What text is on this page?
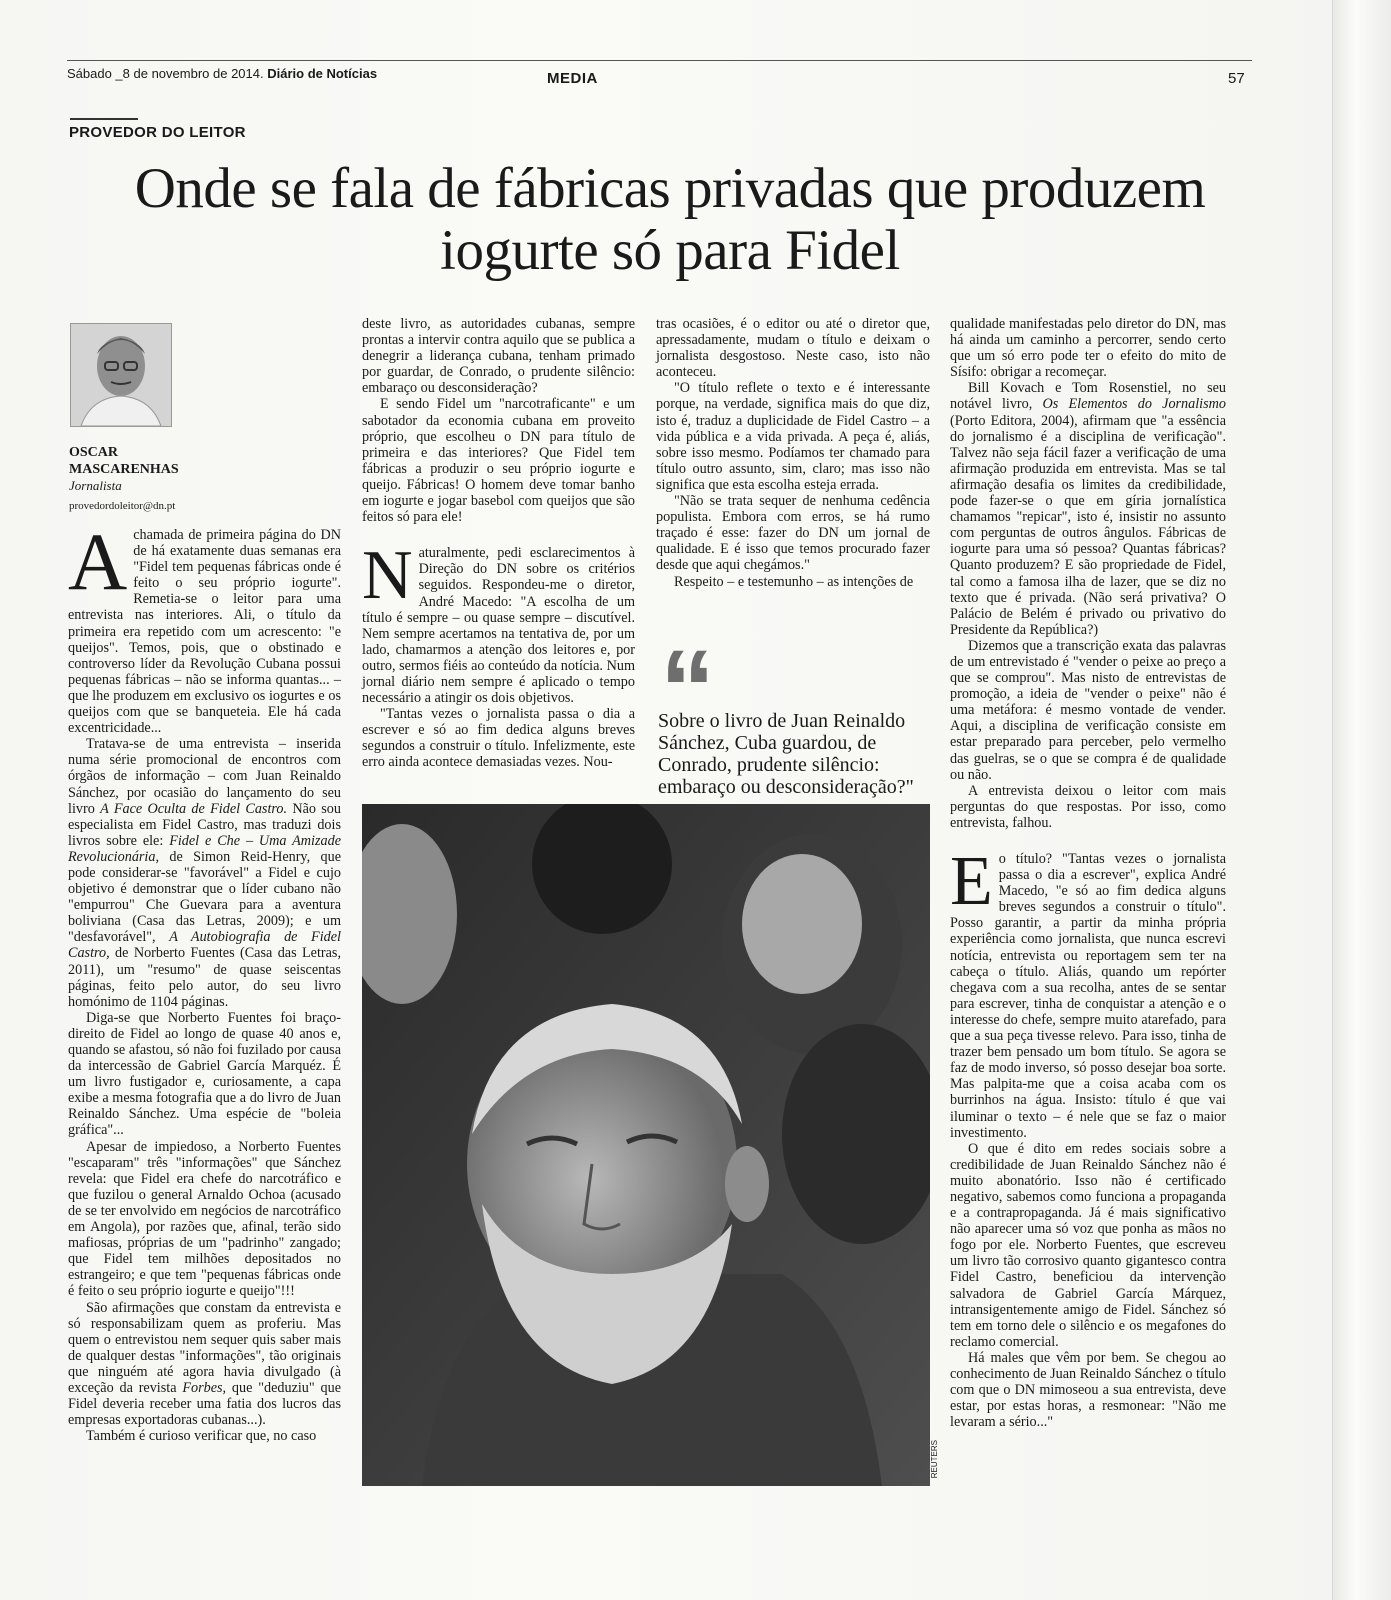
Sábado _8 de novembro de 2014. Diário de Notícias	MEDIA	57
PROVEDOR DO LEITOR
Onde se fala de fábricas privadas que produzem iogurte só para Fidel
OSCAR MASCARENHAS
Jornalista
provedordoleitor@dn.pt

Achamada de primeira página do DN de há exatamente duas semanas era "Fidel tem pequenas fábricas onde é feito o seu próprio iogurte". Remetia-se o leitor para uma entrevista nas interiores. Ali, o título da primeira era repetido com um acrescento: "e queijos". Temos, pois, que o obstinado e controverso líder da Revolução Cubana possui pequenas fábricas – não se informa quantas... – que lhe produzem em exclusivo os iogurtes e os queijos com que se banqueteia. Ele há cada excentricidade...

Tratava-se de uma entrevista – inserida numa série promocional de encontros com órgãos de informação – com Juan Reinaldo Sánchez, por ocasião do lançamento do seu livro A Face Oculta de Fidel Castro. Não sou especialista em Fidel Castro, mas traduzi dois livros sobre ele: Fidel e Che – Uma Amizade Revolucionária, de Simon Reid-Henry, que pode considerar-se "favorável" a Fidel e cujo objetivo é demonstrar que o líder cubano não "empurrou" Che Guevara para a aventura boliviana (Casa das Letras, 2009); e um "desfavorável", A Autobiografia de Fidel Castro, de Norberto Fuentes (Casa das Letras, 2011), um "resumo" de quase seiscentas páginas, feito pelo autor, do seu livro homónimo de 1104 páginas.

Diga-se que Norberto Fuentes foi braço-direito de Fidel ao longo de quase 40 anos e, quando se afastou, só não foi fuzilado por causa da intercessão de Gabriel García Marquéz. É um livro fustigador e, curiosamente, a capa exibe a mesma fotografia que a do livro de Juan Reinaldo Sánchez. Uma espécie de "boleia gráfica"...

Apesar de impiedoso, a Norberto Fuentes "escaparam" três "informações" que Sánchez revela: que Fidel era chefe do narcotráfico e que fuzilou o general Arnaldo Ochoa (acusado de se ter envolvido em negócios de narcotráfico em Angola), por razões que, afinal, terão sido mafiosas, próprias de um "padrinho" zangado; que Fidel tem milhões depositados no estrangeiro; e que tem "pequenas fábricas onde é feito o seu próprio iogurte e queijo"!!!

São afirmações que constam da entrevista e só responsabilizam quem as proferiu. Mas quem o entrevistou nem sequer quis saber mais de qualquer destas "informações", tão originais que ninguém até agora havia divulgado (à exceção da revista Forbes, que "deduziu" que Fidel deveria receber uma fatia dos lucros das empresas exportadoras cubanas...).

Também é curioso verificar que, no caso

deste livro, as autoridades cubanas, sempre prontas a intervir contra aquilo que se publica a denegrir a liderança cubana, tenham primado por guardar, de Conrado, o prudente silêncio: embaraço ou desconsideração?

E sendo Fidel um "narcotraficante" e um sabotador da economia cubana em proveito próprio, que escolheu o DN para título de primeira e das interiores? Que Fidel tem fábricas a produzir o seu próprio iogurte e queijo. Fábricas! O homem deve tomar banho em iogurte e jogar basebol com queijos que são feitos só para ele!

Naturalmente, pedi esclarecimentos à Direção do DN sobre os critérios seguidos. Respondeu-me o diretor, André Macedo: "A escolha de um título é sempre – ou quase sempre – discutível. Nem sempre acertamos na tentativa de, por um lado, chamarmos a atenção dos leitores e, por outro, sermos fiéis ao conteúdo da notícia. Num jornal diário nem sempre é aplicado o tempo necessário a atingir os dois objetivos.

"Tantas vezes o jornalista passa o dia a escrever e só ao fim dedica alguns breves segundos a construir o título. Infelizmente, este erro ainda acontece demasiadas vezes. Nou-

tras ocasiões, é o editor ou até o diretor que, apressadamente, mudam o título e deixam o jornalista desgostoso. Neste caso, isto não aconteceu.

"O título reflete o texto e é interessante porque, na verdade, significa mais do que diz, isto é, traduz a duplicidade de Fidel Castro – a vida pública e a vida privada. A peça é, aliás, sobre isso mesmo. Podíamos ter chamado para título outro assunto, sim, claro; mas isso não significa que esta escolha esteja errada.

"Não se trata sequer de nenhuma cedência populista. Embora com erros, se há rumo traçado é esse: fazer do DN um jornal de qualidade. E é isso que temos procurado fazer desde que aqui chegámos."

Respeito – e testemunho – as intenções de

“
Sobre o livro de Juan Reinaldo Sánchez, Cuba guardou, de Conrado, prudente silêncio: embaraço ou desconsideração?"
REUTERS

qualidade manifestadas pelo diretor do DN, mas há ainda um caminho a percorrer, sendo certo que um só erro pode ter o efeito do mito de Sísifo: obrigar a recomeçar.

Bill Kovach e Tom Rosenstiel, no seu notável livro, Os Elementos do Jornalismo (Porto Editora, 2004), afirmam que "a essência do jornalismo é a disciplina de verificação". Talvez não seja fácil fazer a verificação de uma afirmação produzida em entrevista. Mas se tal afirmação desafia os limites da credibilidade, pode fazer-se o que em gíria jornalística chamamos "repicar", isto é, insistir no assunto com perguntas de outros ângulos. Fábricas de iogurte para uma só pessoa? Quantas fábricas? Quanto produzem? E são propriedade de Fidel, tal como a famosa ilha de lazer, que se diz no texto que é privada. (Não será privativa? O Palácio de Belém é privado ou privativo do Presidente da República?)

Dizemos que a transcrição exata das palavras de um entrevistado é "vender o peixe ao preço a que se comprou". Mas nisto de entrevistas de promoção, a ideia de "vender o peixe" não é uma metáfora: é mesmo vontade de vender. Aqui, a disciplina de verificação consiste em estar preparado para perceber, pelo vermelho das guelras, se o que se compra é de qualidade ou não.

A entrevista deixou o leitor com mais perguntas do que respostas. Por isso, como entrevista, falhou.

Eo título? "Tantas vezes o jornalista passa o dia a escrever", explica André Macedo, "e só ao fim dedica alguns breves segundos a construir o título". Posso garantir, a partir da minha própria experiência como jornalista, que nunca escrevi notícia, entrevista ou reportagem sem ter na cabeça o título. Aliás, quando um repórter chegava com a sua recolha, antes de se sentar para escrever, tinha de conquistar a atenção e o interesse do chefe, sempre muito atarefado, para que a sua peça tivesse relevo. Para isso, tinha de trazer bem pensado um bom título. Se agora se faz de modo inverso, só posso desejar boa sorte. Mas palpita-me que a coisa acaba com os burrinhos na água. Insisto: título é que vai iluminar o texto – é nele que se faz o maior investimento.

O que é dito em redes sociais sobre a credibilidade de Juan Reinaldo Sánchez não é muito abonatório. Isso não é certificado negativo, sabemos como funciona a propaganda e a contrapropaganda. Já é mais significativo não aparecer uma só voz que ponha as mãos no fogo por ele. Norberto Fuentes, que escreveu um livro tão corrosivo quanto gigantesco contra Fidel Castro, beneficiou da intervenção salvadora de Gabriel García Márquez, intransigentemente amigo de Fidel. Sánchez só tem em torno dele o silêncio e os megafones do reclamo comercial.

Há males que vêm por bem. Se chegou ao conhecimento de Juan Reinaldo Sánchez o título com que o DN mimoseou a sua entrevista, deve estar, por estas horas, a resmonear: "Não me levaram a sério..."
